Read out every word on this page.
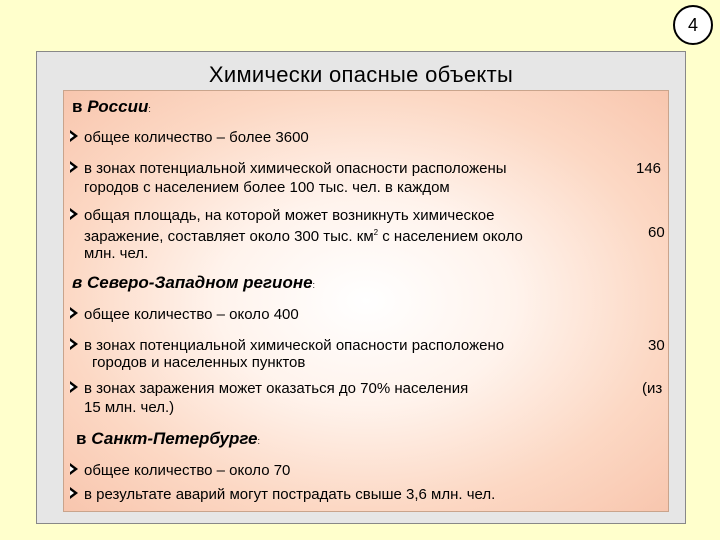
4
Химически опасные объекты
в России:
общее количество – более 3600
в зонах потенциальной химической опасности расположены
городов с населением более 100 тыс. чел. в каждом
146
общая площадь, на которой может возникнуть химическое
заражение, составляет около 300 тыс. $км^2$ с населением около
млн. чел.
60
в Северо-Западном регионе:
общее количество – около 400
в зонах потенциальной химической опасности расположено
городов и населенных пунктов
30
в зонах заражения может оказаться до 70% населения
15 млн. чел.)
(из
в Санкт-Петербурге:
общее количество – около 70
в результате аварий могут пострадать свыше 3,6 млн. чел.
